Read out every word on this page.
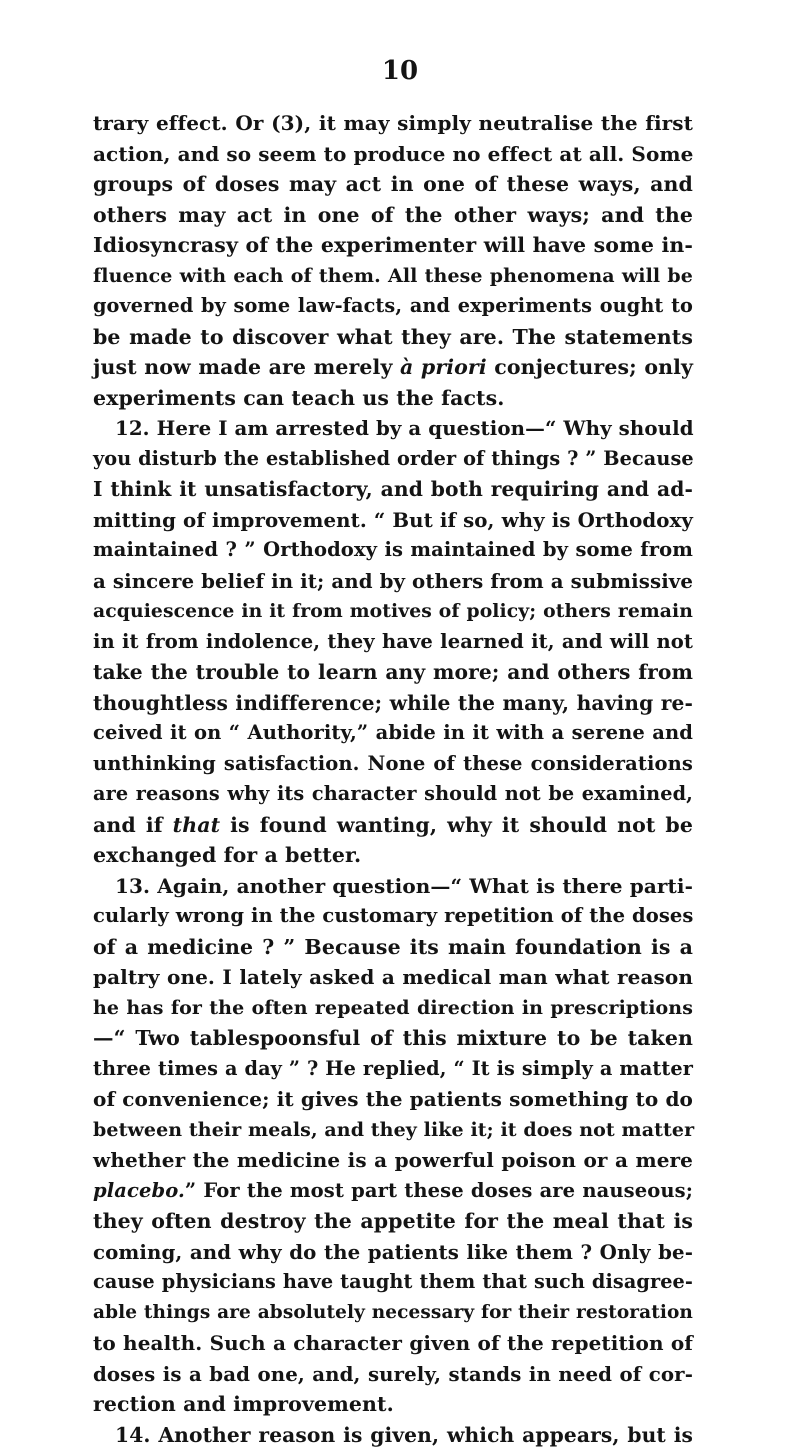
10
trary effect. Or (3), it may simply neutralise the first
action, and so seem to produce no effect at all. Some
groups of doses may act in one of these ways, and
others may act in one of the other ways; and the
Idiosyncrasy of the experimenter will have some in-
fluence with each of them. All these phenomena will be
governed by some law-facts, and experiments ought to
be made to discover what they are. The statements
just now made are merely à priori conjectures; only
experiments can teach us the facts.
12. Here I am arrested by a question—“ Why should
you disturb the established order of things ? ” Because
I think it unsatisfactory, and both requiring and ad-
mitting of improvement. “ But if so, why is Orthodoxy
maintained ? ” Orthodoxy is maintained by some from
a sincere belief in it; and by others from a submissive
acquiescence in it from motives of policy; others remain
in it from indolence, they have learned it, and will not
take the trouble to learn any more; and others from
thoughtless indifference; while the many, having re-
ceived it on “ Authority,” abide in it with a serene and
unthinking satisfaction. None of these considerations
are reasons why its character should not be examined,
and if that is found wanting, why it should not be
exchanged for a better.
13. Again, another question—“ What is there parti-
cularly wrong in the customary repetition of the doses
of a medicine ? ” Because its main foundation is a
paltry one. I lately asked a medical man what reason
he has for the often repeated direction in prescriptions
—“ Two tablespoonsful of this mixture to be taken
three times a day ” ? He replied, “ It is simply a matter
of convenience; it gives the patients something to do
between their meals, and they like it; it does not matter
whether the medicine is a powerful poison or a mere
placebo.” For the most part these doses are nauseous;
they often destroy the appetite for the meal that is
coming, and why do the patients like them ? Only be-
cause physicians have taught them that such disagree-
able things are absolutely necessary for their restoration
to health. Such a character given of the repetition of
doses is a bad one, and, surely, stands in need of cor-
rection and improvement.
14. Another reason is given, which appears, but is
